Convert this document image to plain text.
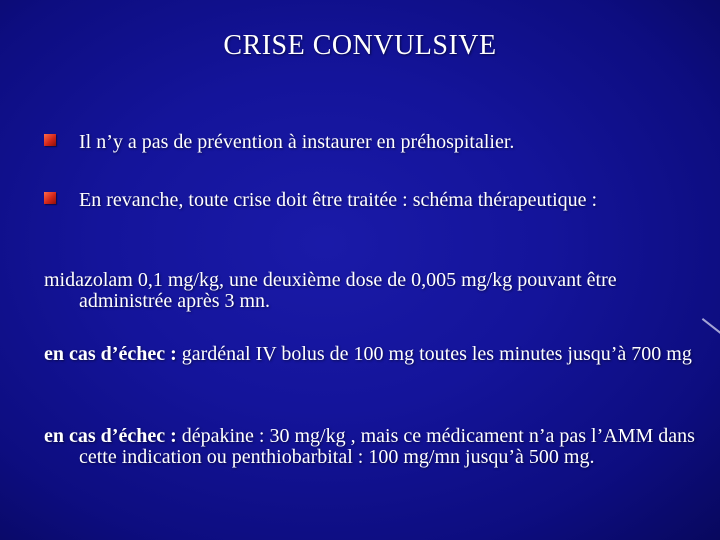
CRISE CONVULSIVE
Il n’y a pas de prévention à instaurer en préhospitalier.
En revanche, toute crise doit être traitée : schéma thérapeutique :
midazolam 0,1 mg/kg, une deuxième dose de 0,005 mg/kg pouvant être administrée après 3 mn.
en cas d’échec : gardénal IV bolus de 100 mg toutes les minutes jusqu’à 700 mg
en cas d’échec : dépakine : 30 mg/kg , mais ce médicament n’a pas l’AMM dans cette indication ou penthiobarbital : 100 mg/mn jusqu’à 500 mg.
